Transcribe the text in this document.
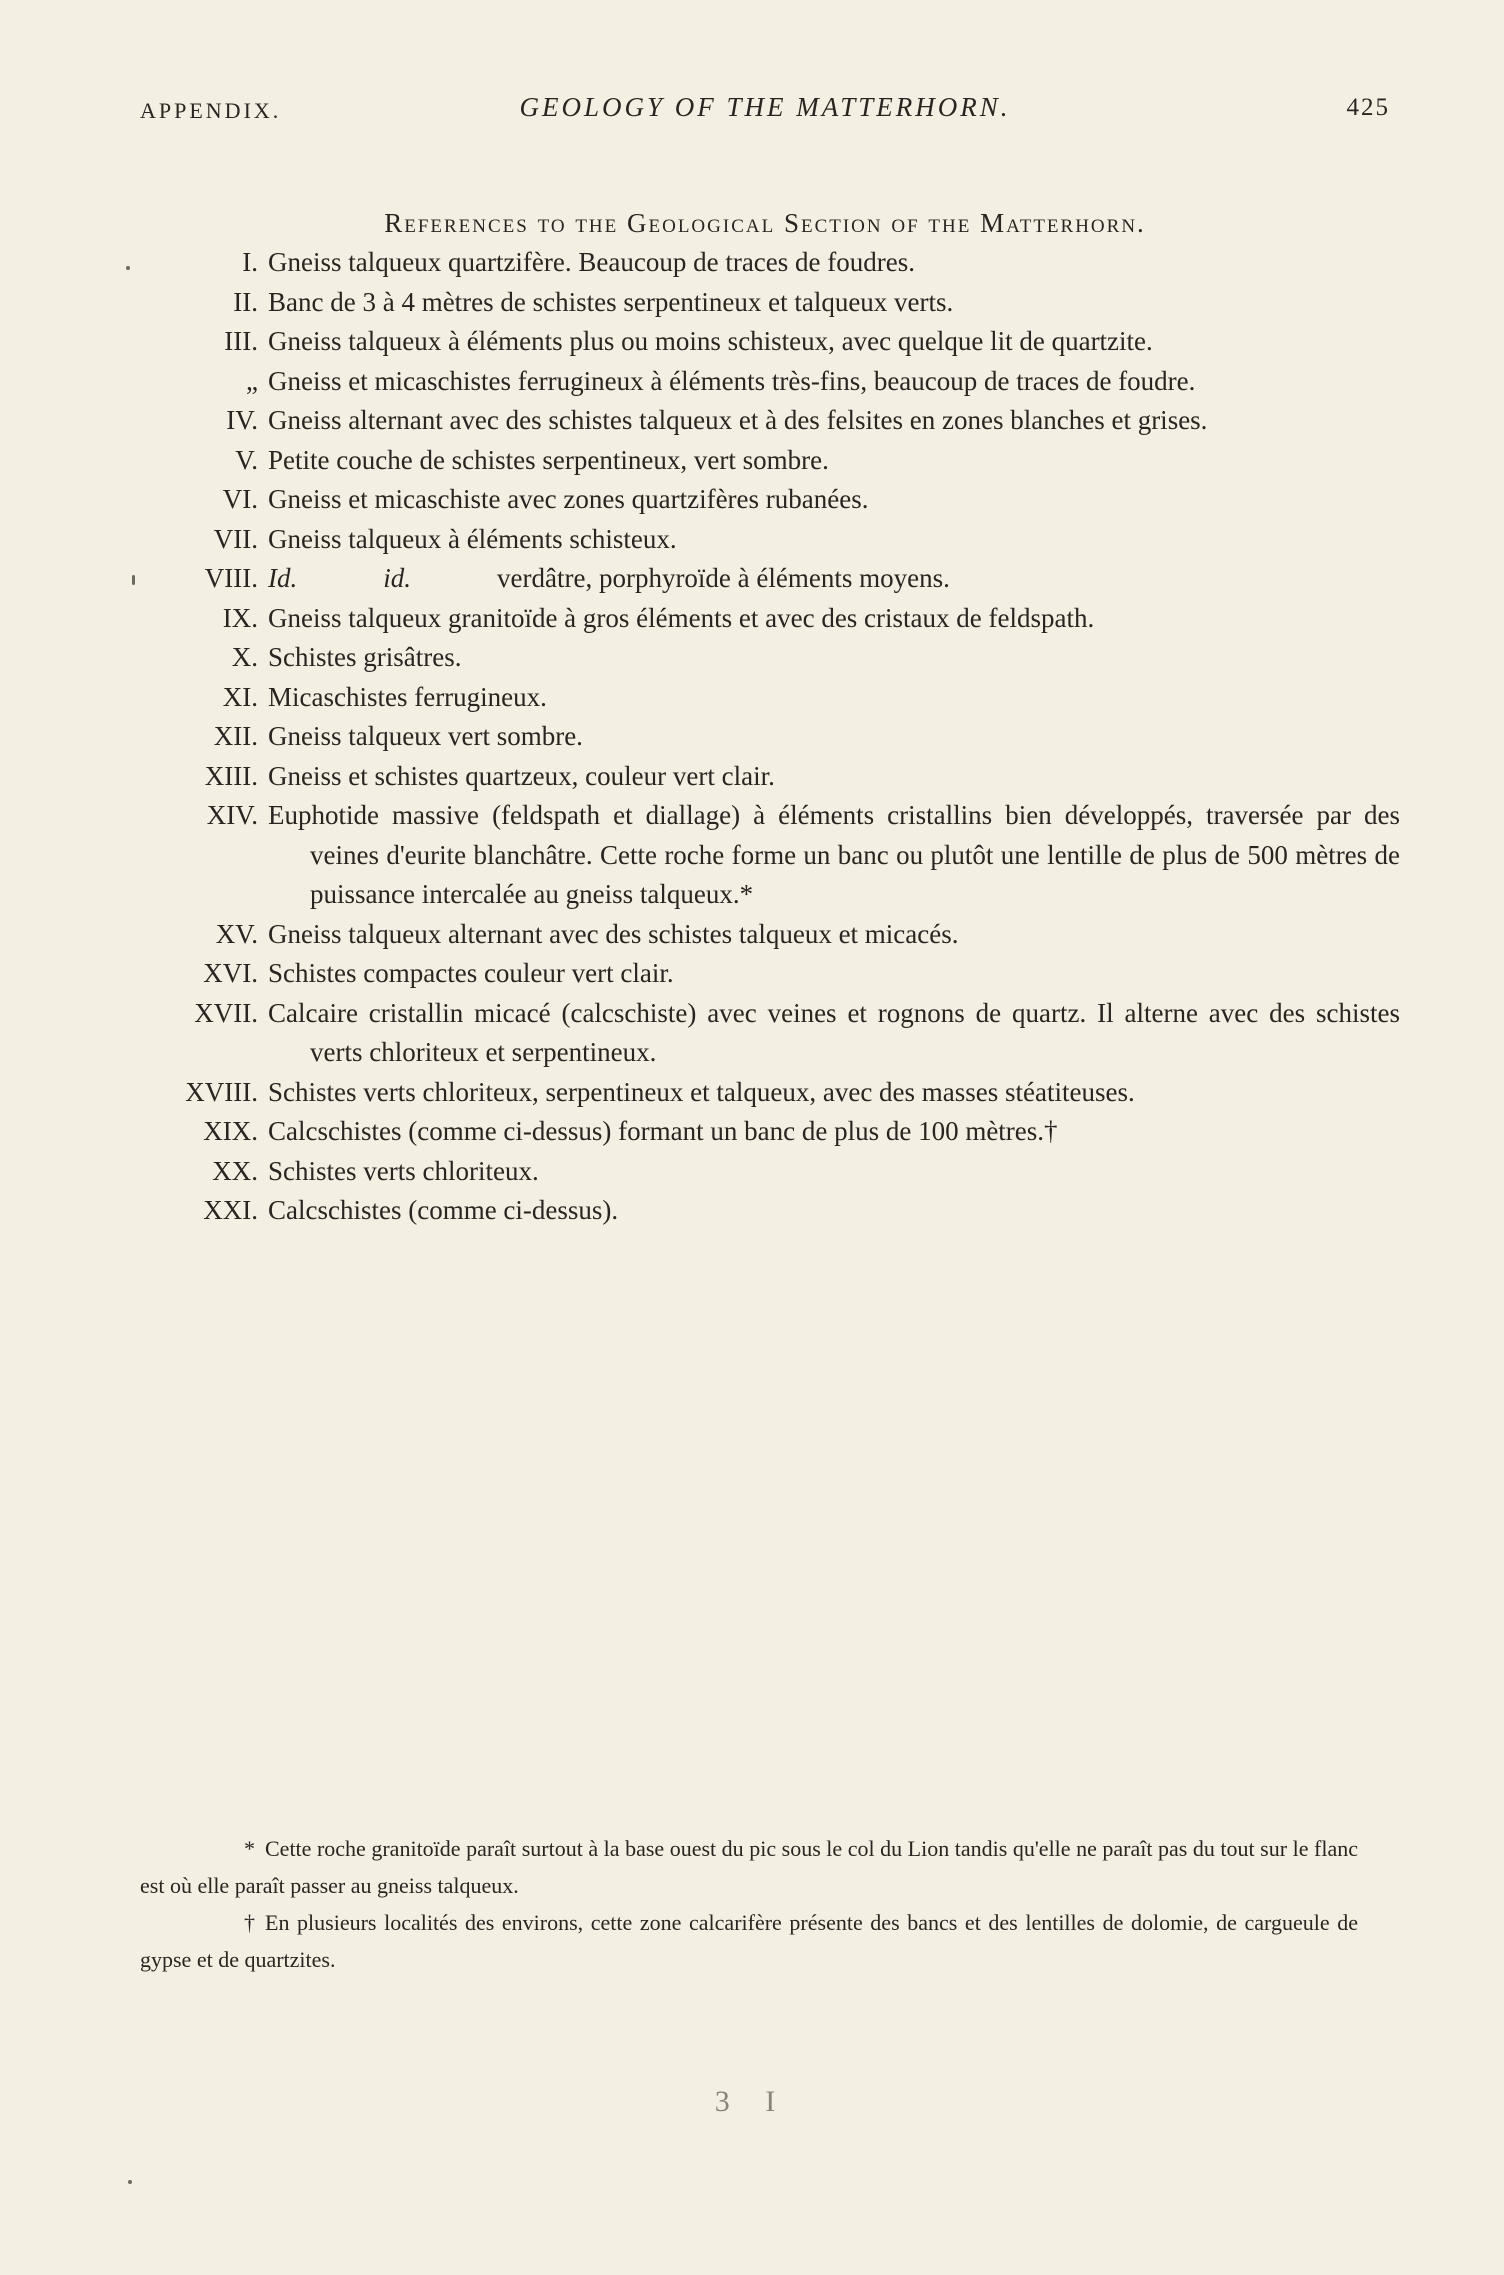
APPENDIX.	GEOLOGY OF THE MATTERHORN.	425
References to the Geological Section of the Matterhorn.
I. Gneiss talqueux quartzifère. Beaucoup de traces de foudres.
II. Banc de 3 à 4 mètres de schistes serpentineux et talqueux verts.
III. Gneiss talqueux à éléments plus ou moins schisteux, avec quelque lit de quartzite.
„ Gneiss et micaschistes ferrugineux à éléments très-fins, beaucoup de traces de foudre.
IV. Gneiss alternant avec des schistes talqueux et à des felsites en zones blanches et grises.
V. Petite couche de schistes serpentineux, vert sombre.
VI. Gneiss et micaschiste avec zones quartzifères rubanées.
VII. Gneiss talqueux à éléments schisteux.
VIII. Id.	id.	verdâtre, porphyroïde à éléments moyens.
IX. Gneiss talqueux granitoïde à gros éléments et avec des cristaux de feldspath.
X. Schistes grisâtres.
XI. Micaschistes ferrugineux.
XII. Gneiss talqueux vert sombre.
XIII. Gneiss et schistes quartzeux, couleur vert clair.
XIV. Euphotide massive (feldspath et diallage) à éléments cristallins bien développés, traversée par des veines d'eurite blanchâtre. Cette roche forme un banc ou plutôt une lentille de plus de 500 mètres de puissance intercalée au gneiss talqueux.*
XV. Gneiss talqueux alternant avec des schistes talqueux et micacés.
XVI. Schistes compactes couleur vert clair.
XVII. Calcaire cristallin micacé (calcschiste) avec veines et rognons de quartz. Il alterne avec des schistes verts chloriteux et serpentineux.
XVIII. Schistes verts chloriteux, serpentineux et talqueux, avec des masses stéatiteuses.
XIX. Calcschistes (comme ci-dessus) formant un banc de plus de 100 mètres.†
XX. Schistes verts chloriteux.
XXI. Calcschistes (comme ci-dessus).

* Cette roche granitoïde paraît surtout à la base ouest du pic sous le col du Lion tandis qu'elle ne paraît pas du tout sur le flanc est où elle paraît passer au gneiss talqueux.

† En plusieurs localités des environs, cette zone calcarifère présente des bancs et des lentilles de dolomie, de cargueule de gypse et de quartzites.

3 I
